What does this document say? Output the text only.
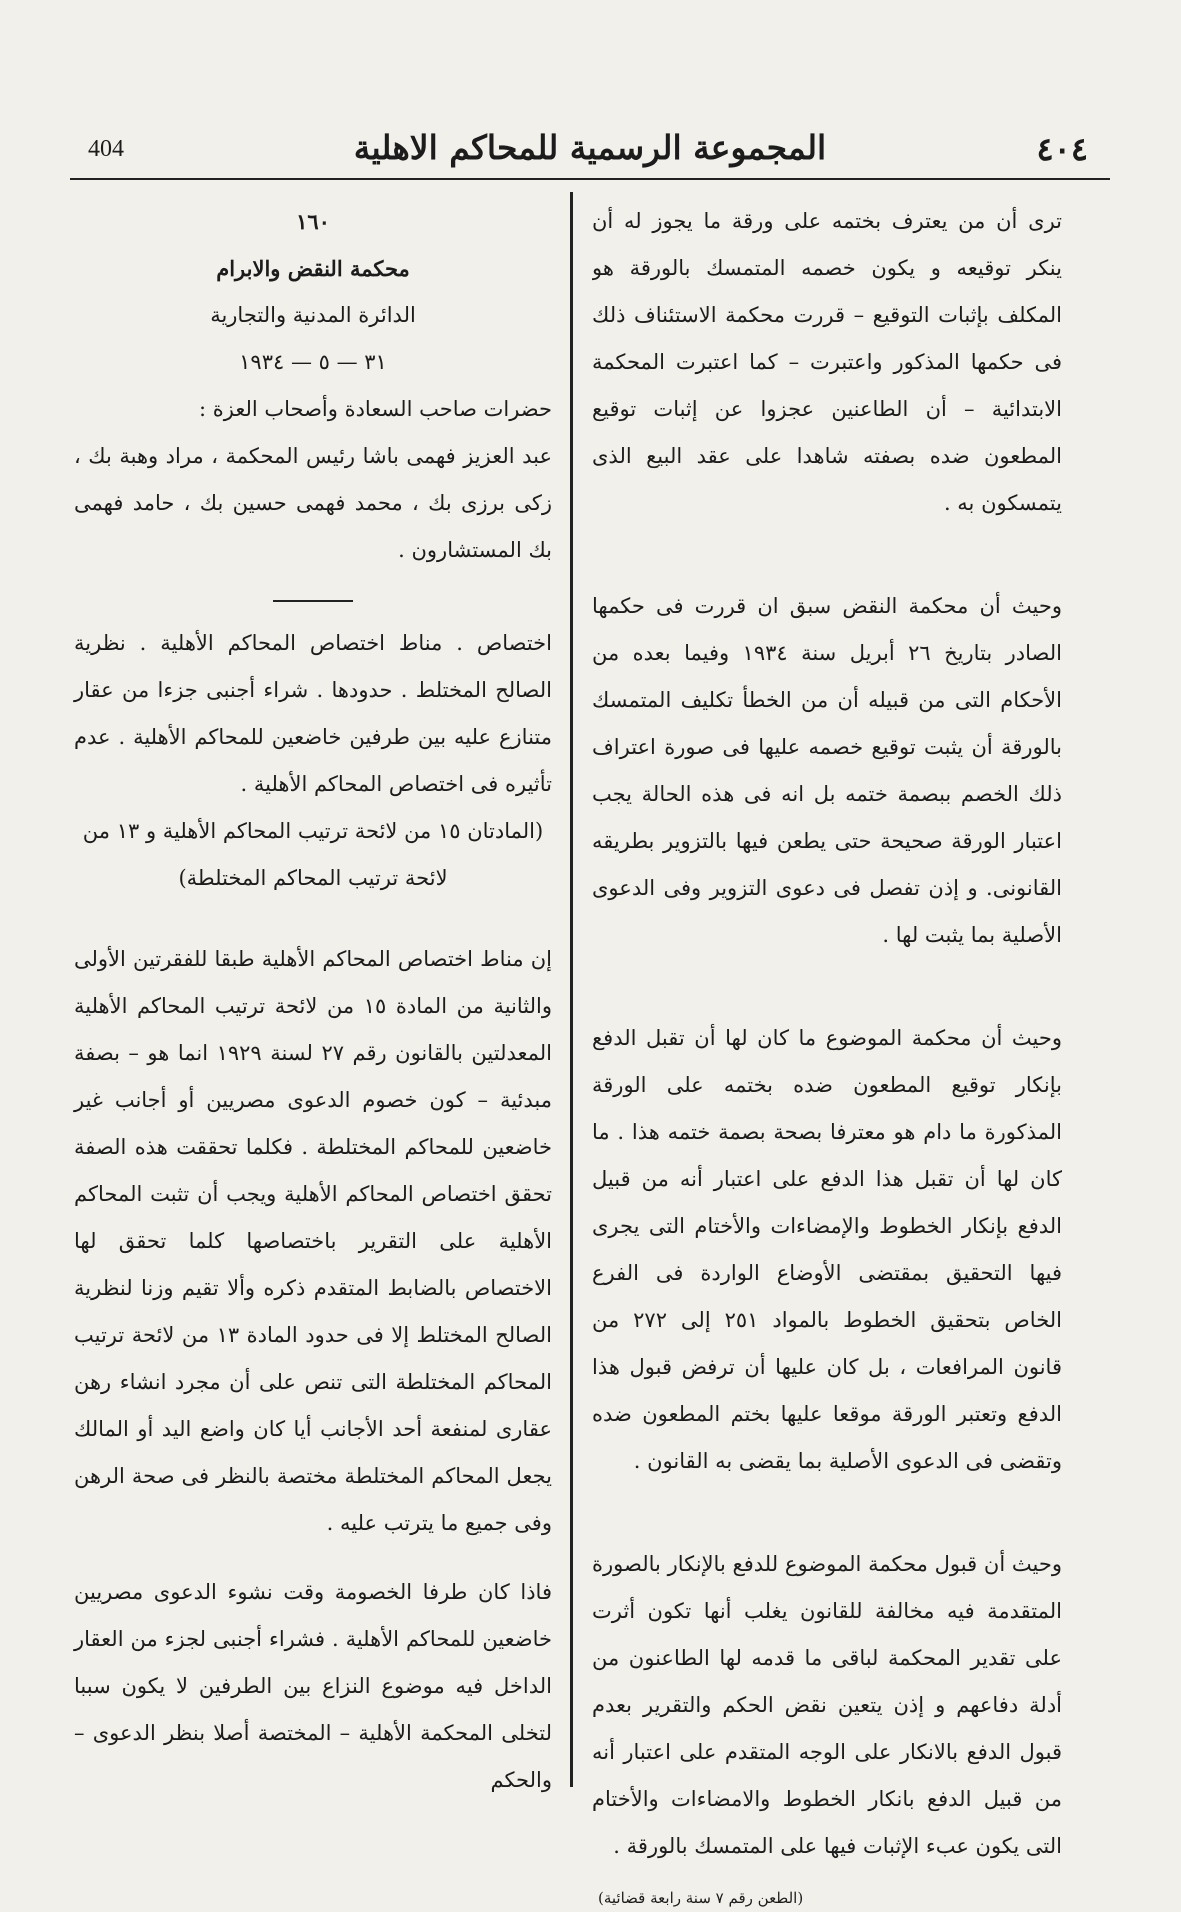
404	المجموعة الرسمية للمحاكم الاهلية	٤٠٤

ترى أن من يعترف بختمه على ورقة ما يجوز له أن ينكر توقيعه و يكون خصمه المتمسك بالورقة هو المكلف بإثبات التوقيع – قررت محكمة الاستئناف ذلك فى حكمها المذكور واعتبرت – كما اعتبرت المحكمة الابتدائية – أن الطاعنين عجزوا عن إثبات توقيع المطعون ضده بصفته شاهدا على عقد البيع الذى يتمسكون به .

وحيث أن محكمة النقض سبق ان قررت فى حكمها الصادر بتاريخ ٢٦ أبريل سنة ١٩٣٤ وفيما بعده من الأحكام التى من قبيله أن من الخطأ تكليف المتمسك بالورقة أن يثبت توقيع خصمه عليها فى صورة اعتراف ذلك الخصم ببصمة ختمه بل انه فى هذه الحالة يجب اعتبار الورقة صحيحة حتى يطعن فيها بالتزوير بطريقه القانونى. و إذن تفصل فى دعوى التزوير وفى الدعوى الأصلية بما يثبت لها .

وحيث أن محكمة الموضوع ما كان لها أن تقبل الدفع بإنكار توقيع المطعون ضده بختمه على الورقة المذكورة ما دام هو معترفا بصحة بصمة ختمه هذا . ما كان لها أن تقبل هذا الدفع على اعتبار أنه من قبيل الدفع بإنكار الخطوط والإمضاءات والأختام التى يجرى فيها التحقيق بمقتضى الأوضاع الواردة فى الفرع الخاص بتحقيق الخطوط بالمواد ٢٥١ إلى ٢٧٢ من قانون المرافعات ، بل كان عليها أن ترفض قبول هذا الدفع وتعتبر الورقة موقعا عليها بختم المطعون ضده وتقضى فى الدعوى الأصلية بما يقضى به القانون .

وحيث أن قبول محكمة الموضوع للدفع بالإنكار بالصورة المتقدمة فيه مخالفة للقانون يغلب أنها تكون أثرت على تقدير المحكمة لباقى ما قدمه لها الطاعنون من أدلة دفاعهم و إذن يتعين نقض الحكم والتقرير بعدم قبول الدفع بالانكار على الوجه المتقدم على اعتبار أنه من قبيل الدفع بانكار الخطوط والامضاءات والأختام التى يكون عبء الإثبات فيها على المتمسك بالورقة .

(الطعن رقم ٧ سنة رابعة قضائية)

١٦٠

محكمة النقض والابرام

الدائرة المدنية والتجارية

٣١ — ٥ — ١٩٣٤

حضرات صاحب السعادة وأصحاب العزة :

عبد العزيز فهمى باشا رئيس المحكمة ، مراد وهبة بك ، زكى برزى بك ، محمد فهمى حسين بك ، حامد فهمى بك المستشارون .

اختصاص . مناط اختصاص المحاكم الأهلية . نظرية الصالح المختلط . حدودها . شراء أجنبى جزءا من عقار متنازع عليه بين طرفين خاضعين للمحاكم الأهلية . عدم تأثيره فى اختصاص المحاكم الأهلية .

(المادتان ١٥ من لائحة ترتيب المحاكم الأهلية و ١٣ من لائحة ترتيب المحاكم المختلطة)

إن مناط اختصاص المحاكم الأهلية طبقا للفقرتين الأولى والثانية من المادة ١٥ من لائحة ترتيب المحاكم الأهلية المعدلتين بالقانون رقم ٢٧ لسنة ١٩٢٩ انما هو – بصفة مبدئية – كون خصوم الدعوى مصريين أو أجانب غير خاضعين للمحاكم المختلطة . فكلما تحققت هذه الصفة تحقق اختصاص المحاكم الأهلية ويجب أن تثبت المحاكم الأهلية على التقرير باختصاصها كلما تحقق لها الاختصاص بالضابط المتقدم ذكره وألا تقيم وزنا لنظرية الصالح المختلط إلا فى حدود المادة ١٣ من لائحة ترتيب المحاكم المختلطة التى تنص على أن مجرد انشاء رهن عقارى لمنفعة أحد الأجانب أيا كان واضع اليد أو المالك يجعل المحاكم المختلطة مختصة بالنظر فى صحة الرهن وفى جميع ما يترتب عليه .

فاذا كان طرفا الخصومة وقت نشوء الدعوى مصريين خاضعين للمحاكم الأهلية . فشراء أجنبى لجزء من العقار الداخل فيه موضوع النزاع بين الطرفين لا يكون سببا لتخلى المحكمة الأهلية – المختصة أصلا بنظر الدعوى – والحكم
